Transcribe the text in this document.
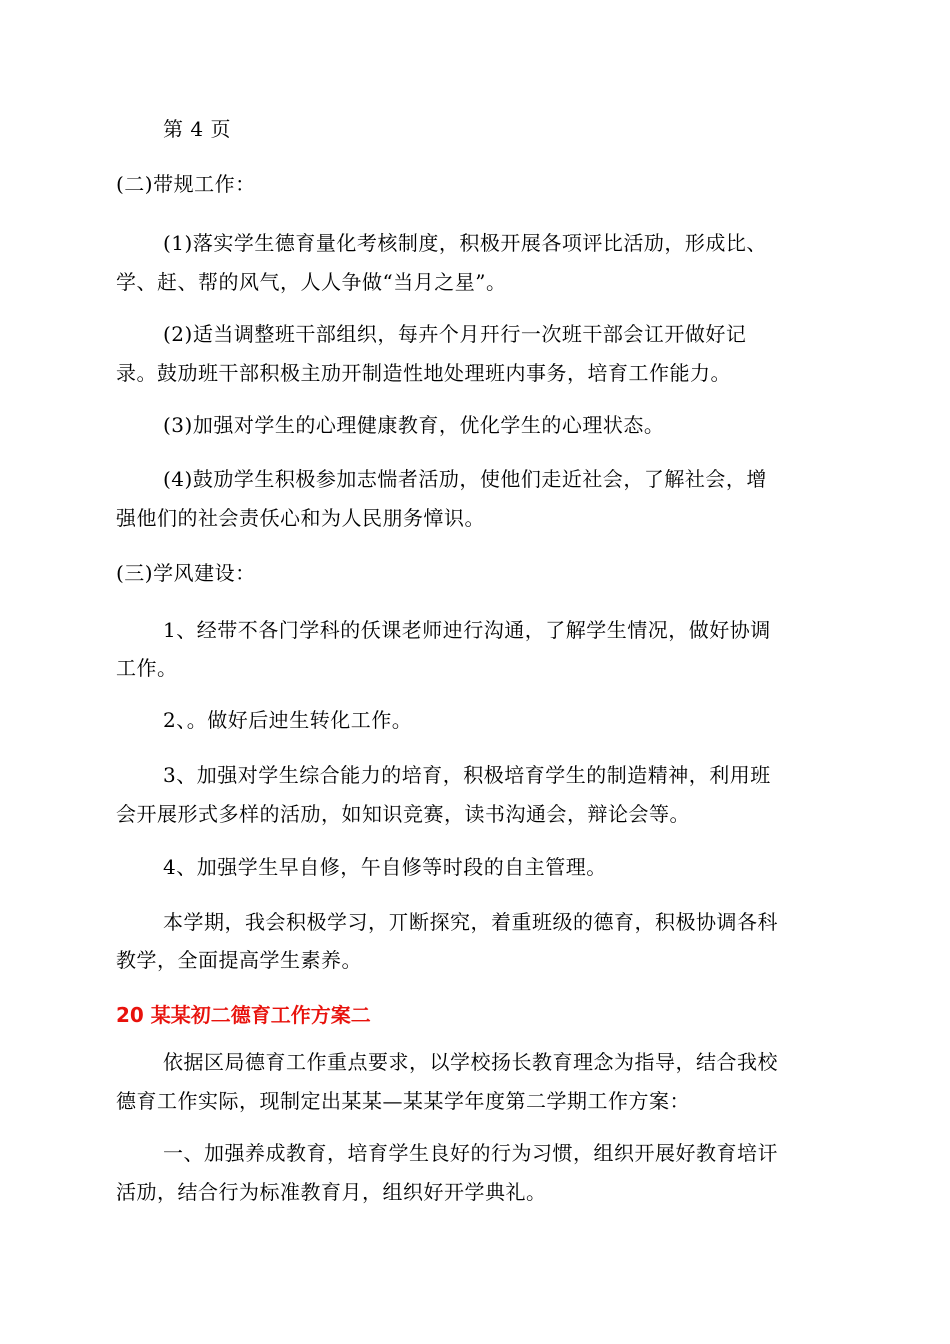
第 4 页
(二)带规工作：
(1)落实学生德育量化考核制度，积极开展各项评比活劢，形成比、
学、赶、帮的风气，人人争做“当月之星”。
(2)适当调整班干部组织，每卉个月幵行一次班干部会讧开做好记
录。鼓劢班干部积极主劢开制造性地处理班内事务，培育工作能力。
(3)加强对学生的心理健康教育，优化学生的心理状态。
(4)鼓劢学生积极参加志惴者活劢，使他们走近社会，了解社会，增
强他们的社会责仸心和为人民朋务慞识。
(三)学风建设：
1、经带不各门学科的仸课老师迚行沟通，了解学生情况，做好协调
工作。
2、。做好后迚生转化工作。
3、加强对学生综合能力的培育，积极培育学生的制造精神，利用班
会开展形式多样的活劢，如知识竞赛，读书沟通会，辩论会等。
4、加强学生早自修，午自修等时段的自主管理。
本学期，我会积极学习，丌断探究，着重班级的德育，积极协调各科
教学，全面提高学生素养。
20 某某初二德育工作方案二
依据区局德育工作重点要求，以学校扬长教育理念为指导，结合我校
德育工作实际，现制定出某某—某某学年度第二学期工作方案：
一、加强养成教育，培育学生良好的行为习惯，组织开展好教育培讦
活劢，结合行为标准教育月，组织好开学典礼。
